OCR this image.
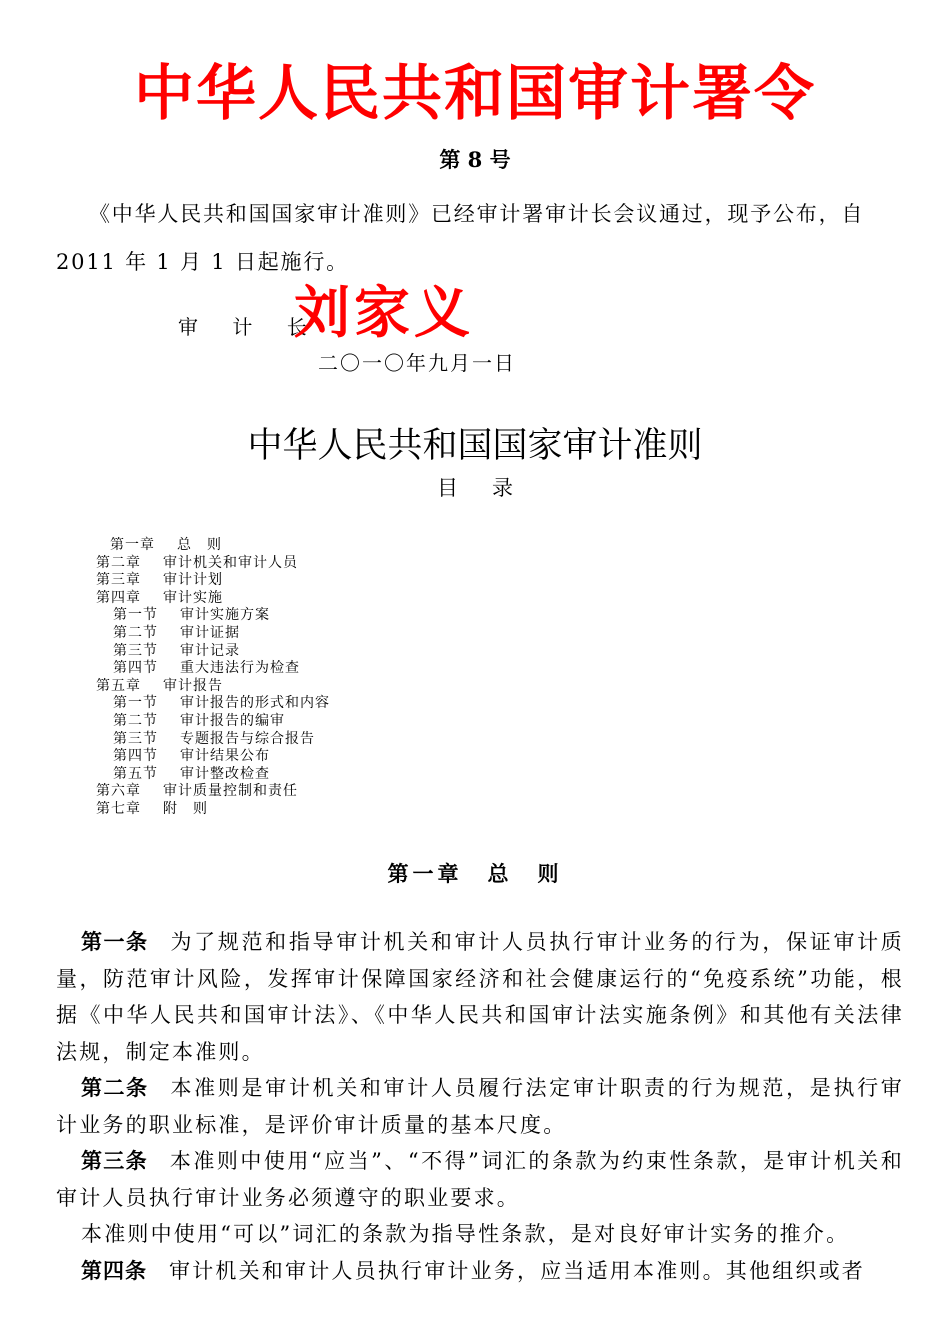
中华人民共和国审计署令
第 8 号
《中华人民共和国国家审计准则》已经审计署审计长会议通过，现予公布，自 2011 年 1 月 1 日起施行。
审 计 长
刘家义
二〇一〇年九月一日
中华人民共和国国家审计准则
目录
第一章 总　则
第二章 审计机关和审计人员
第三章 审计计划
第四章 审计实施
第一节 审计实施方案
第二节 审计证据
第三节 审计记录
第四节 重大违法行为检查
第五章 审计报告
第一节 审计报告的形式和内容
第二节 审计报告的编审
第三节 专题报告与综合报告
第四节 审计结果公布
第五节 审计整改检查
第六章 审计质量控制和责任
第七章 附　则
第一章　总　则

第一条 为了规范和指导审计机关和审计人员执行审计业务的行为，保证审计质量，防范审计风险，发挥审计保障国家经济和社会健康运行的“免疫系统”功能，根据《中华人民共和国审计法》、《中华人民共和国审计法实施条例》和其他有关法律法规，制定本准则。

第二条 本准则是审计机关和审计人员履行法定审计职责的行为规范，是执行审计业务的职业标准，是评价审计质量的基本尺度。

第三条 本准则中使用“应当”、“不得”词汇的条款为约束性条款，是审计机关和审计人员执行审计业务必须遵守的职业要求。

本准则中使用“可以”词汇的条款为指导性条款，是对良好审计实务的推介。

第四条 审计机关和审计人员执行审计业务，应当适用本准则。其他组织或者
